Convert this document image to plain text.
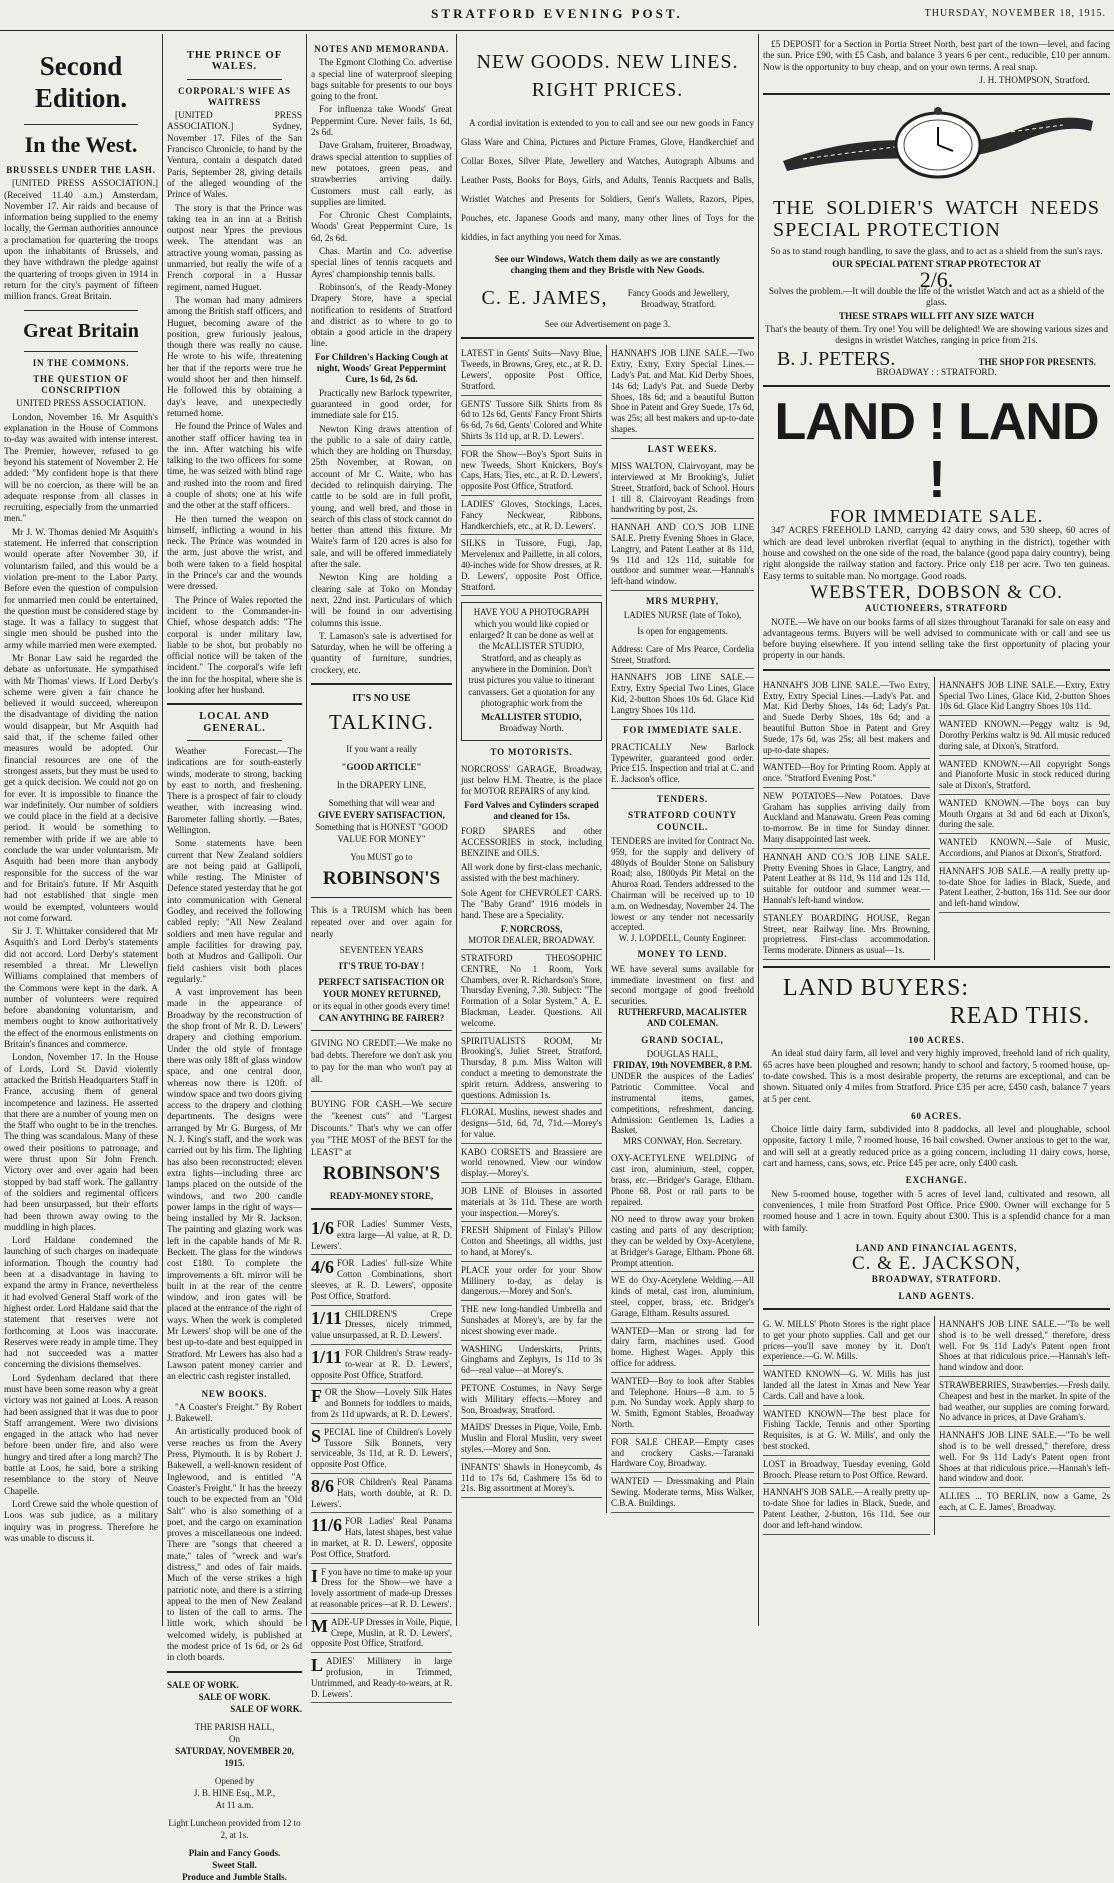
STRATFORD EVENING POST.	THURSDAY, NOVEMBER 18, 1915.
Second Edition.
In the West.
BRUSSELS UNDER THE LASH.

[UNITED PRESS ASSOCIATION.] (Received 11.40 a.m.) Amsterdam, November 17. Air raids and because of information being supplied to the enemy locally, the German authorities announce a proclamation for quartering the troops upon the inhabitants of Brussels, and they have withdrawn the pledge against the quartering of troops given in 1914 in return for the city's payment of fifteen million francs. Great Britain.

Great Britain
IN THE COMMONS.
THE QUESTION OF CONSCRIPTION

UNITED PRESS ASSOCIATION.

London, November 16. Mr Asquith's explanation in the House of Commons to-day was awaited with intense interest. The Premier, however, refused to go beyond his statement of November 2. He added: "My confident hope is that there will be no coercion, as there will be an adequate response from all classes in recruiting, especially from the unmarried men."

Mr J. W. Thomas denied Mr Asquith's statement. He inferred that conscription would operate after November 30, if voluntarism failed, and this would be a violation pre-ment to the Labor Party. Before even the question of compulsion for unmarried men could be entertained, the question must be considered stage by stage. It was a fallacy to suggest that single men should be pushed into the army while married men were exempted.

Mr Bonar Law said he regarded the debate as unfortunate. He sympathised with Mr Thomas' views. If Lord Derby's scheme were given a fair chance he believed it would succeed, whereupon the disadvantage of dividing the nation would disappear, but Mr Asquith had said that, if the scheme failed other measures would be adopted. Our financial resources are one of the strongest assets, but they must be used to get a quick decision. We could not go on for ever. It is impossible to finance the war indefinitely. Our number of soldiers we could place in the field at a decisive period. It would be something to remember with pride if we are able to conclude the war under voluntarism. Mr Asquith had been more than anybody responsible for the success of the war and for Britain's future. If Mr Asquith had not established that single men would be exempted, volunteers would not come forward.

Sir J. T. Whittaker considered that Mr Asquith's and Lord Derby's statements did not accord. Lord Derby's statement resembled a threat. Mr Llewellyn Williams complained that members of the Commons were kept in the dark. A number of volunteers were required before abandoning voluntarism, and members ought to know authoritatively the effect of the enormous enlistments on Britain's finances and commerce.

London, November 17. In the House of Lords, Lord St. David violently attacked the British Headquarters Staff in France, accusing them of general incompetence and laziness. He asserted that there are a number of young men on the Staff who ought to be in the trenches. The thing was scandalous. Many of these owed their positions to patronage, and were thrust upon Sir John French. Victory over and over again had been stopped by bad staff work. The gallantry of the soldiers and regimental officers had been unsurpassed, but their efforts had been thrown away owing to the muddling in high places.

Lord Haldane condemned the launching of such charges on inadequate information. Though the country had been at a disadvantage in having to expand the army in France, nevertheless it had evolved General Staff work of the highest order. Lord Haldane said that the statement that reserves were not forthcoming at Loos was inaccurate. Reserves were ready in ample time. They had not succeeded was a matter concerning the divisions themselves.

Lord Sydenham declared that there must have been some reason why a great victory was not gained at Loos. A reason had been assigned that it was due to poor Staff arrangement. Were two divisions engaged in the attack who had never before been under fire, and also were hungry and tired after a long march? The battle at Loos, he said, bore a striking resemblance to the story of Neuve Chapelle.

Lord Crewe said the whole question of Loos was sub judice, as a military inquiry was in progress. Therefore he was unable to discuss it.

THE PRINCE OF WALES.
CORPORAL'S WIFE AS WAITRESS

[UNITED PRESS ASSOCIATION.] Sydney, November 17. Files of the San Francisco Chronicle, to hand by the Ventura, contain a despatch dated Paris, September 28, giving details of the alleged wounding of the Prince of Wales.

The story is that the Prince was taking tea in an inn at a British outpost near Ypres the previous week. The attendant was an attractive young woman, passing as unmarried, but really the wife of a French corporal in a Hussar regiment, named Huguet.

The woman had many admirers among the British staff officers, and Huguet, becoming aware of the position, grew furiously jealous, though there was really no cause. He wrote to his wife, threatening her that if the reports were true he would shoot her and then himself. He followed this by obtaining a day's leave, and unexpectedly returned home.

He found the Prince of Wales and another staff officer having tea in the inn. After watching his wife talking to the two officers for some time, he was seized with blind rage and rushed into the room and fired a couple of shots; one at his wife and the other at the staff officers.

He then turned the weapon on himself, inflicting a wound in his neck. The Prince was wounded in the arm, just above the wrist, and both were taken to a field hospital in the Prince's car and the wounds were dressed.

The Prince of Wales reported the incident to the Commander-in-Chief, whose despatch adds: "The corporal is under military law, liable to be shot, but probably no official notice will be taken of the incident." The corporal's wife left the inn for the hospital, where she is looking after her husband.

LOCAL AND GENERAL.

Weather Forecast.—The indications are for south-easterly winds, moderate to strong, backing by east to north, and freshening. There is a prospect of fair to cloudy weather, with increasing wind. Barometer falling shortly. —Bates, Wellington.

Some statements have been current that New Zealand soldiers are not being paid at Gallipoli, while resting. The Minister of Defence stated yesterday that he got into communication with General Godley, and received the following cabled reply: "All New Zealand soldiers and men have regular and ample facilities for drawing pay, both at Mudros and Gallipoli. Our field cashiers visit both places regularly."

A vast improvement has been made in the appearance of Broadway by the reconstruction of the shop front of Mr R. D. Lewers' drapery and clothing emporium. Under the old style of frontage there was only 18ft of glass window space, and one central door, whereas now there is 120ft. of window space and two doors giving access to the drapery and clothing departments. The designs were arranged by Mr G. Burgess, of Mr N. J. King's staff, and the work was carried out by his firm. The lighting has also been reconstructed; eleven extra lights—including three arc lamps placed on the outside of the windows, and two 200 candle power lamps in the right of ways—being installed by Mr R. Jackson. The painting and glazing work was left in the capable hands of Mr R. Beckett. The glass for the windows cost £180. To complete the improvements a 6ft. mirror will be built in at the rear of the centre window, and iron gates will be placed at the entrance of the right of ways. When the work is completed Mr Lewers' shop will be one of the best up-to-date and best equipped in Stratford. Mr Lewers has also had a Lawson patent money carrier and an electric cash register installed.

NEW BOOKS.

"A Coaster's Freight." By Robert J. Bakewell.

An artistically produced book of verse reaches us from the Avery Press, Plymouth. It is by Robert J. Bakewell, a well-known resident of Inglewood, and is entitled "A Coaster's Freight." It has the breezy touch to be expected from an "Old Salt" who is also something of a poet, and the cargo on examination proves a miscellaneous one indeed. There are "songs that cheered a mate," tales of "wreck and war's distress," and odes of fair maids. Much of the verse strikes a high patriotic note, and there is a stirring appeal to the men of New Zealand to listen of the call to arms. The little work, which should be welcomed widely, is published at the modest price of 1s 6d, or 2s 6d in cloth boards.

SALE OF WORK.
SALE OF WORK.
SALE OF WORK.
THE PARISH HALL,
On
SATURDAY, NOVEMBER 20, 1915.
Opened by
J. B. HINE Esq., M.P.,
At 11 a.m.
Light Luncheon provided from 12 to 2, at 1s.
Plain and Fancy Goods.
Sweet Stall.
Produce and Jumble Stalls.
NOTES AND MEMORANDA.

The Egmont Clothing Co. advertise a special line of waterproof sleeping bags suitable for presents to our boys going to the front.

For influenza take Woods' Great Peppermint Cure. Never fails, 1s 6d, 2s 6d.

Dave Graham, fruiterer, Broadway, draws special attention to supplies of new potatoes, green peas, and strawberries arriving daily. Customers must call early, as supplies are limited.

For Chronic Chest Complaints, Woods' Great Peppermint Cure, 1s 6d, 2s 6d.

Chas. Martin and Co. advertise special lines of tennis racquets and Ayres' championship tennis balls.

Robinson's, of the Ready-Money Drapery Store, have a special notification to residents of Stratford and district as to where to go to obtain a good article in the drapery line.

For Children's Hacking Cough at night, Woods' Great Peppermint Cure, 1s 6d, 2s 6d.

Practically new Barlock typewriter, guaranteed in good order, for immediate sale for £15.

Newton King draws attention of the public to a sale of dairy cattle, which they are holding on Thursday, 25th November, at Rowan, on account of Mr C. Waite, who has decided to relinquish dairying. The cattle to be sold are in full profit, young, and well bred, and those in search of this class of stock cannot do better than attend this fixture. Mr Waite's farm of 120 acres is also for sale, and will be offered immediately after the sale.

Newton King are holding a clearing sale at Toko on Monday next, 22nd inst. Particulars of which will be found in our advertising columns this issue.

T. Lamason's sale is advertised for Saturday, when he will be offering a quantity of furniture, sundries, crockery, etc.

IT'S NO USE
TALKING.
If you want a really
"GOOD ARTICLE"
In the DRAPERY LINE,
Something that will wear and
GIVE EVERY SATISFACTION,
Something that is HONEST "GOOD VALUE FOR MONEY"
You MUST go to
ROBINSON'S
This is a TRUISM which has been repeated over and over again for nearly
SEVENTEEN YEARS
IT'S TRUE TO-DAY !
PERFECT SATISFACTION OR YOUR MONEY RETURNED,
or its equal in other goods every time!
CAN ANYTHING BE FAIRER?
GIVING NO CREDIT.—We make no bad debts. Therefore we don't ask you to pay for the man who won't pay at all.
BUYING FOR CASH.—We secure the "keenest cuts" and "Largest Discounts." That's why we can offer you "THE MOST of the BEST for the LEAST" at
ROBINSON'S
READY-MONEY STORE,
1/6 FOR Ladies' Summer Vests, extra large—Al value, at R. D. Lewers'.
4/6 FOR Ladies' full-size White Cotton Combinations, short sleeves, at R. D. Lewers', opposite Post Office, Stratford.
1/11 CHILDREN'S Crepe Dresses, nicely trimmed, value unsurpassed, at R. D. Lewers'.
1/11 FOR Children's Straw ready-to-wear at R. D. Lewers', opposite Post Office, Stratford.
FOR the Show—Lovely Silk Hates and Bonnets for toddlers to maids, from 2s 11d upwards, at R. D. Lewers'.
SPECIAL line of Children's Lovely Tussore Silk Bonnets, very serviceable, 3s 11d, at R. D. Lewers', opposite Post Office.
8/6 FOR Children's Real Panama Hats, worth double, at R. D. Lewers'.
11/6 FOR Ladies' Real Panama Hats, latest shapes, best value in market, at R. D. Lewers', opposite Post Office, Stratford.
I F you have no time to make up your Dress for the Show—we have a lovely assortment of made-up Dresses at reasonable prices—at R. D. Lewers'.
MADE-UP Dresses in Voile, Pique, Crepe, Muslin, at R. D. Lewers', opposite Post Office, Stratford.
LADIES' Millinery in large profusion, in Trimmed, Untrimmed, and Ready-to-wears, at R. D. Lewers'.
NEW GOODS. NEW LINES.
RIGHT PRICES.

A cordial invitation is extended to you to call and see our new goods in Fancy Glass Ware and China, Pictures and Picture Frames, Glove, Handkerchief and Collar Boxes, Silver Plate, Jewellery and Watches, Autograph Albums and Leather Posts, Books for Boys, Girls, and Adults, Tennis Racquets and Balls, Wristlet Watches and Presents for Soldiers, Gent's Wallets, Razors, Pipes, Pouches, etc. Japanese Goods and many, many other lines of Toys for the kiddies, in fact anything you need for Xmas.

See our Windows, Watch them daily as we are constantly changing them and they Bristle with New Goods.

C. E. JAMES,	Fancy Goods and Jewellery, Broadway, Stratford.

See our Advertisement on page 3.

LATEST in Gents' Suits—Navy Blue, Tweeds, in Browns, Grey, etc., at R. D. Lewers', opposite Post Office, Stratford.
GENTS' Tussore Silk Shirts from 8s 6d to 12s 6d, Gents' Fancy Front Shirts 6s 6d, 7s 6d, Gents' Colored and White Shirts 3s 11d up, at R. D. Lewers'.
FOR the Show—Boy's Sport Suits in new Tweeds, Short Knickers, Boy's Caps, Hats, Ties, etc., at R. D. Lewers', opposite Post Office, Stratford.
LADIES' Gloves, Stockings, Laces, Fancy Neckwear, Ribbons, Handkerchiefs, etc., at R. D. Lewers'.
SILKS in Tussore, Fugi, Jap, Mervelenux and Paillette, in all colors, 40-inches wide for Show dresses, at R. D. Lewers', opposite Post Office, Stratford.
HAVE YOU A PHOTOGRAPH which you would like copied or enlarged? It can be done as well at the McALLISTER STUDIO, Stratford, and as cheaply as anywhere in the Dominion. Don't trust pictures you value to itinerant canvassers. Get a quotation for any photographic work from the
McALLISTER STUDIO,
Broadway North.
TO MOTORISTS.
NORCROSS' GARAGE, Broadway, just below H.M. Theatre, is the place for MOTOR REPAIRS of any kind.
Ford Valves and Cylinders scraped and cleaned for 15s.
FORD SPARES and other ACCESSORIES in stock, including BENZINE and OILS.
All work done by first-class mechanic, assisted with the best machinery.
Sole Agent for CHEVROLET CARS. The "Baby Grand" 1916 models in hand. These are a Speciality.
F. NORCROSS,
MOTOR DEALER, BROADWAY.
STRATFORD THEOSOPHIC CENTRE, No 1 Room, York Chambers, over R. Richardson's Store, Thursday Evening, 7.30. Subject: "The Formation of a Solar System." A. E. Blackman, Leader. Questions. All welcome.
SPIRITUALISTS ROOM, Mr Brooking's, Juliet Street, Stratford, Thursday, 8 p.m. Miss Walton will conduct a meeting to demonstrate the spirit return. Address, answering to questions. Admission 1s.
FLORAL Muslins, newest shades and designs—51d, 6d, 7d, 71d.—Morey's for value.
KABO CORSETS and Brassiere are world renowned. View our window display.—Morey's.
JOB LINE of Blouses in assorted materials at 3s 11d. These are worth your inspection.—Morey's.
FRESH Shipment of Finlay's Pillow Cotton and Sheetings, all widths, just to hand, at Morey's.
PLACE your order for your Show Millinery to-day, as delay is dangerous.—Morey and Son's.
THE new long-handled Umbrella and Sunshades at Morey's, are by far the nicest showing ever made.
WASHING Underskirts, Prints, Ginghams and Zephyrs, 1s 11d to 3s 6d—real value—at Morey's.
PETONE Costumes, in Navy Serge with Military effects.—Morey and Son, Broadway, Stratford.
MAIDS' Dresses in Pique, Voile, Emb. Muslin and Floral Muslin, very sweet styles.—Morey and Son.
INFANTS' Shawls in Honeycomb, 4s 11d to 17s 6d, Cashmere 15s 6d to 21s. Big assortment at Morey's.
HANNAH'S JOB LINE SALE.—Two Extry, Extry, Extry Special Lines.—Lady's Pat. and Mat. Kid Derby Shoes, 14s 6d; Lady's Pat. and Suede Derby Shoes, 18s 6d; and a beautiful Button Shoe in Patent and Grey Suede, 17s 6d, was 25s; all best makers and up-to-date shapes.
LAST WEEKS.
MISS WALTON, Clairvoyant, may be interviewed at Mr Brooking's, Juliet Street, Stratford, back of School. Hours 1 till 8. Clairvoyant Readings from handwriting by post, 2s.
HANNAH AND CO.'S JOB LINE SALE. Pretty Evening Shoes in Glace, Langtry, and Patent Leather at 8s 11d, 9s 11d and 12s 11d, suitable for outdoor and summer wear.—Hannah's left-hand window.
MRS MURPHY,
LADIES NURSE (late of Toko),
Is open for engagements.
Address: Care of Mrs Pearce, Cordelia Street, Stratford.
HANNAH'S JOB LINE SALE.—Extry, Extry Special Two Lines, Glace Kid, 2-button Shoes 10s 6d. Glace Kid Langtry Shoes 10s 11d.
FOR IMMEDIATE SALE.
PRACTICALLY New Barlock Typewriter, guaranteed good order. Price £15. Inspection and trial at C. and E. Jackson's office.
TENDERS.
STRATFORD COUNTY COUNCIL.
TENDERS are invited for Contract No. 959, for the supply and delivery of 480yds of Boulder Stone on Salisbury Road; also, 1800yds Pit Metal on the Ahuroa Road. Tenders addressed to the Chairman will be received up to 10 a.m. on Wednesday, November 24. The lowest or any tender not necessarily accepted.
W. J. LOPDELL, County Engineer.
MONEY TO LEND.
WE have several sums available for immediate investment on first and second mortgage of good freehold securities.
RUTHERFURD, MACALISTER AND COLEMAN.
GRAND SOCIAL,
DOUGLAS HALL,
FRIDAY, 19th NOVEMBER, 8 P.M.
UNDER the auspices of the Ladies' Patriotic Committee. Vocal and instrumental items, games, competitions, refreshment, dancing. Admission: Gentlemen 1s, Ladies a Basket.
MRS CONWAY, Hon. Secretary.
OXY-ACETYLENE WELDING of cast iron, aluminium, steel, copper, brass, etc.—Bridger's Garage, Eltham. Phone 68. Post or rail parts to be repaired.
NO need to throw away your broken casting and parts of any description; they can be welded by Oxy-Acetylene, at Bridger's Garage, Eltham. Phone 68. Prompt attention.
WE do Oxy-Acetylene Welding.—All kinds of metal, cast iron, aluminium, steel, copper, brass, etc. Bridger's Garage, Eltham. Results assured.
WANTED—Man or strong lad for dairy farm, machines used. Good home. Highest Wages. Apply this office for address.
WANTED—Boy to look after Stables and Telephone. Hours—8 a.m. to 5 p.m. No Sunday work. Apply sharp to W. Smith, Egmont Stables, Broadway North.
FOR SALE CHEAP.—Empty cases and crockery Casks.—Taranaki Hardware Coy, Broadway.
WANTED — Dressmaking and Plain Sewing. Moderate terms, Miss Walker, C.B.A. Buildings.

£5 DEPOSIT for a Section in Portia Street North, best part of the town—level, and facing the sun. Price £90, with £5 Cash, and balance 3 years 6 per cent., reducible, £10 per annum. Now is the opportunity to buy cheap, and on your own terms. A real snap.

J. H. THOMPSON, Stratford.

THE SOLDIER'S WATCH NEEDS SPECIAL PROTECTION

So as to stand rough handling, to save the glass, and to act as a shield from the sun's rays.

OUR SPECIAL PATENT STRAP PROTECTOR AT

2/6.

Solves the problem.—It will double the life of the wristlet Watch and act as a shield of the glass.

THESE STRAPS WILL FIT ANY SIZE WATCH

That's the beauty of them. Try one! You will be delighted! We are showing various sizes and designs in wristlet Watches, ranging in price from 21s.

B. J. PETERS.	THE SHOP FOR PRESENTS.

BROADWAY : : STRATFORD.

LAND ! LAND !
FOR IMMEDIATE SALE.

347 ACRES FREEHOLD LAND, carrying 42 dairy cows, and 530 sheep, 60 acres of which are dead level unbroken riverflat (equal to anything in the district), together with house and cowshed on the one side of the road, the balance (good papa dairy country), being right alongside the railway station and factory. Price only £18 per acre. Two ten guineas. Easy terms to suitable man. No mortgage. Good roads.

WEBSTER, DOBSON & CO.
AUCTIONEERS, STRATFORD

NOTE.—We have on our books farms of all sizes throughout Taranaki for sale on easy and advantageous terms. Buyers will be well advised to communicate with or call and see us before buying elsewhere. If you intend selling take the first opportunity of placing your property in our hands.

HANNAH'S JOB LINE SALE.—Two Extry, Extry, Extry Special Lines.—Lady's Pat. and Mat. Kid Derby Shoes, 14s 6d; Lady's Pat. and Suede Derby Shoes, 18s 6d; and a beautiful Button Shoe in Patent and Grey Suede, 17s 6d, was 25s; all best makers and up-to-date shapes.
WANTED—Boy for Printing Room. Apply at once. "Stratford Evening Post."
NEW POTATOES—New Potatoes. Dave Graham has supplies arriving daily from Auckland and Manawatu. Green Peas coming to-morrow. Be in time for Sunday dinner. Many disappointed last week.
HANNAH AND CO.'S JOB LINE SALE. Pretty Evening Shoes in Glace, Langtry, and Patent Leather at 8s 11d, 9s 11d and 12s 11d, suitable for outdoor and summer wear.—Hannah's left-hand window.
STANLEY BOARDING HOUSE, Regan Street, near Railway line. Mrs Browning, proprietress. First-class accommodation. Terms moderate. Dinners as usual—1s.
HANNAH'S JOB LINE SALE.—Extry, Extry Special Two Lines, Glace Kid, 2-button Shoes 10s 6d. Glace Kid Langtry Shoes 10s 11d.
WANTED KNOWN.—Peggy waltz is 9d, Dorothy Perkins waltz is 9d. All music reduced during sale, at Dixon's, Stratford.
WANTED KNOWN.—All copyright Songs and Pianoforte Music in stock reduced during sale at Dixon's, Stratford.
WANTED KNOWN.—The boys can buy Mouth Organs at 3d and 6d each at Dixon's, during the sale.
WANTED KNOWN.—Sale of Music, Accordions, and Pianos at Dixon's, Stratford.
HANNAH'S JOB SALE.—A really pretty up-to-date Shoe for ladies in Black, Suede, and Patent Leather, 2-button, 16s 11d. See our door and left-hand window.
LAND BUYERS:
READ THIS.
100 ACRES.

An ideal stud dairy farm, all level and very highly improved, freehold land of rich quality, 65 acres have been ploughed and resown; handy to school and factory, 5 roomed house, up-to-date cowshed. This is a most desirable property, the returns are exceptional, and can be shown. Situated only 4 miles from Stratford. Price £35 per acre, £450 cash, balance 7 years at 5 per cent.

60 ACRES.

Choice little dairy farm, subdivided into 8 paddocks, all level and ploughable, school opposite, factory 1 mile, 7 roomed house, 16 bail cowshed. Owner anxious to get to the war, and will sell at a greatly reduced price as a going concern, including 11 dairy cows, horse, cart and harness, cans, sows, etc. Price £45 per acre, only £400 cash.

EXCHANGE.

New 5-roomed house, together with 5 acres of level land, cultivated and resown, all conveniences, 1 mile from Stratford Post Office. Price £900. Owner will exchange for 5 roomed house and 1 acre in town. Equity about £300. This is a splendid chance for a man with family.

LAND AND FINANCIAL AGENTS,
C. & E. JACKSON,
BROADWAY, STRATFORD.
LAND AGENTS.
G. W. MILLS' Photo Stores is the right place to get your photo supplies. Call and get our prices—you'll save money by it. Don't experience.—G. W. Mills.
WANTED KNOWN—G. W. Mills has just landed all the latest in Xmas and New Year Cards. Call and have a look.
WANTED KNOWN—The best place for Fishing Tackle, Tennis and other Sporting Requisites, is at G. W. Mills', and only the best stocked.
LOST in Broadway, Tuesday evening, Gold Brooch. Please return to Post Office. Reward.
HANNAH'S JOB SALE.—A really pretty up-to-date Shoe for ladies in Black, Suede, and Patent Leather, 2-button, 16s 11d. See our door and left-hand window.
HANNAH'S JOB LINE SALE.—"To be well shod is to be well dressed," therefore, dress well. For 9s 11d Lady's Patent open front Shoes at that ridiculous price.—Hannah's left-hand window and door.
STRAWBERRIES, Strawberries.—Fresh daily. Cheapest and best in the market. In spite of the bad weather, our supplies are coming forward. No advance in prices, at Dave Graham's.
HANNAH'S JOB LINE SALE.—"To be well shod is to be well dressed," therefore, dress well. For 9s 11d Lady's Patent open front Shoes at that ridiculous price.—Hannah's left-hand window and door.
ALLIES ... TO BERLIN, now a Game, 2s each, at C. E. James', Broadway.
